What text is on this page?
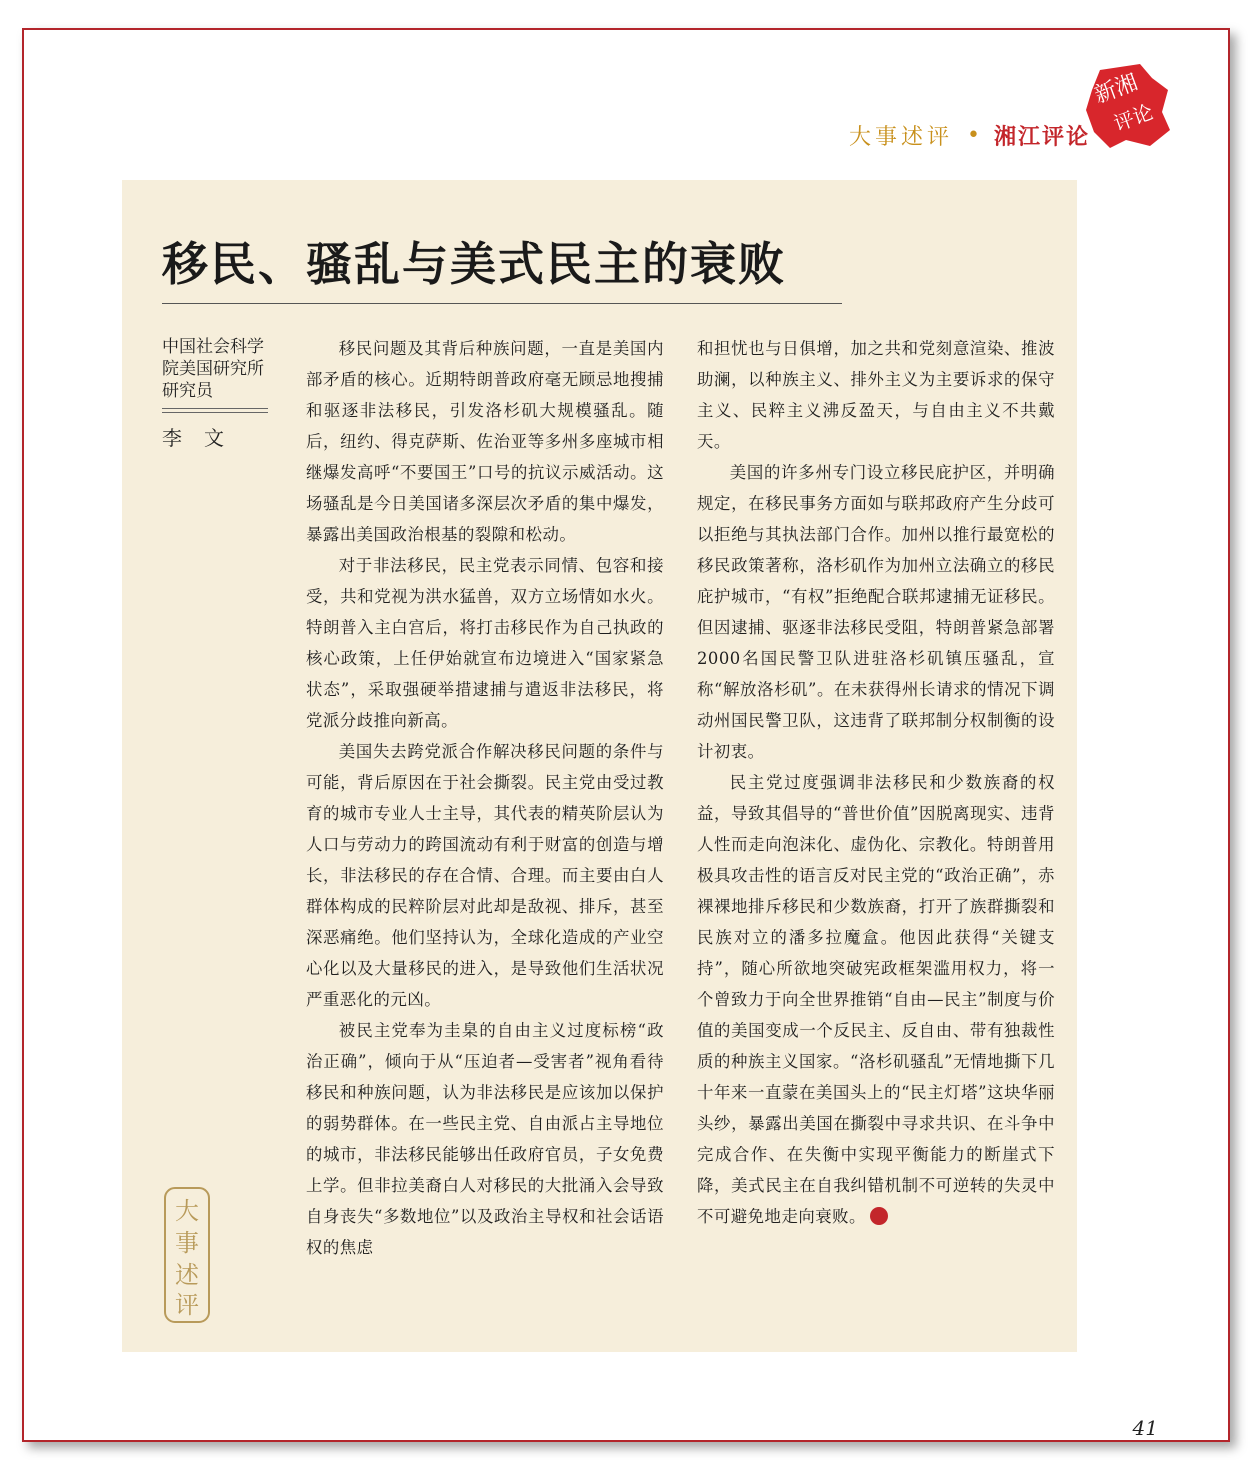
新湘
评论
大事述评 • 湘江评论
移民、骚乱与美式民主的衰败
中国社会科学院美国研究所研究员
李文

移民问题及其背后种族问题，一直是美国内部矛盾的核心。近期特朗普政府毫无顾忌地搜捕和驱逐非法移民，引发洛杉矶大规模骚乱。随后，纽约、得克萨斯、佐治亚等多州多座城市相继爆发高呼“不要国王”口号的抗议示威活动。这场骚乱是今日美国诸多深层次矛盾的集中爆发，暴露出美国政治根基的裂隙和松动。

对于非法移民，民主党表示同情、包容和接受，共和党视为洪水猛兽，双方立场情如水火。特朗普入主白宫后，将打击移民作为自己执政的核心政策，上任伊始就宣布边境进入“国家紧急状态”，采取强硬举措逮捕与遣返非法移民，将党派分歧推向新高。

美国失去跨党派合作解决移民问题的条件与可能，背后原因在于社会撕裂。民主党由受过教育的城市专业人士主导，其代表的精英阶层认为人口与劳动力的跨国流动有利于财富的创造与增长，非法移民的存在合情、合理。而主要由白人群体构成的民粹阶层对此却是敌视、排斥，甚至深恶痛绝。他们坚持认为，全球化造成的产业空心化以及大量移民的进入，是导致他们生活状况严重恶化的元凶。

被民主党奉为圭臬的自由主义过度标榜“政治正确”，倾向于从“压迫者—受害者”视角看待移民和种族问题，认为非法移民是应该加以保护的弱势群体。在一些民主党、自由派占主导地位的城市，非法移民能够出任政府官员，子女免费上学。但非拉美裔白人对移民的大批涌入会导致自身丧失“多数地位”以及政治主导权和社会话语权的焦虑

和担忧也与日俱增，加之共和党刻意渲染、推波助澜，以种族主义、排外主义为主要诉求的保守主义、民粹主义沸反盈天，与自由主义不共戴天。

美国的许多州专门设立移民庇护区，并明确规定，在移民事务方面如与联邦政府产生分歧可以拒绝与其执法部门合作。加州以推行最宽松的移民政策著称，洛杉矶作为加州立法确立的移民庇护城市，“有权”拒绝配合联邦逮捕无证移民。但因逮捕、驱逐非法移民受阻，特朗普紧急部署2000名国民警卫队进驻洛杉矶镇压骚乱，宣称“解放洛杉矶”。在未获得州长请求的情况下调动州国民警卫队，这违背了联邦制分权制衡的设计初衷。

民主党过度强调非法移民和少数族裔的权益，导致其倡导的“普世价值”因脱离现实、违背人性而走向泡沫化、虚伪化、宗教化。特朗普用极具攻击性的语言反对民主党的“政治正确”，赤裸裸地排斥移民和少数族裔，打开了族群撕裂和民族对立的潘多拉魔盒。他因此获得“关键支持”，随心所欲地突破宪政框架滥用权力，将一个曾致力于向全世界推销“自由—民主”制度与价值的美国变成一个反民主、反自由、带有独裁性质的种族主义国家。“洛杉矶骚乱”无情地撕下几十年来一直蒙在美国头上的“民主灯塔”这块华丽头纱，暴露出美国在撕裂中寻求共识、在斗争中完成合作、在失衡中实现平衡能力的断崖式下降，美式民主在自我纠错机制不可逆转的失灵中不可避免地走向衰败。

大
事
述
评
41
